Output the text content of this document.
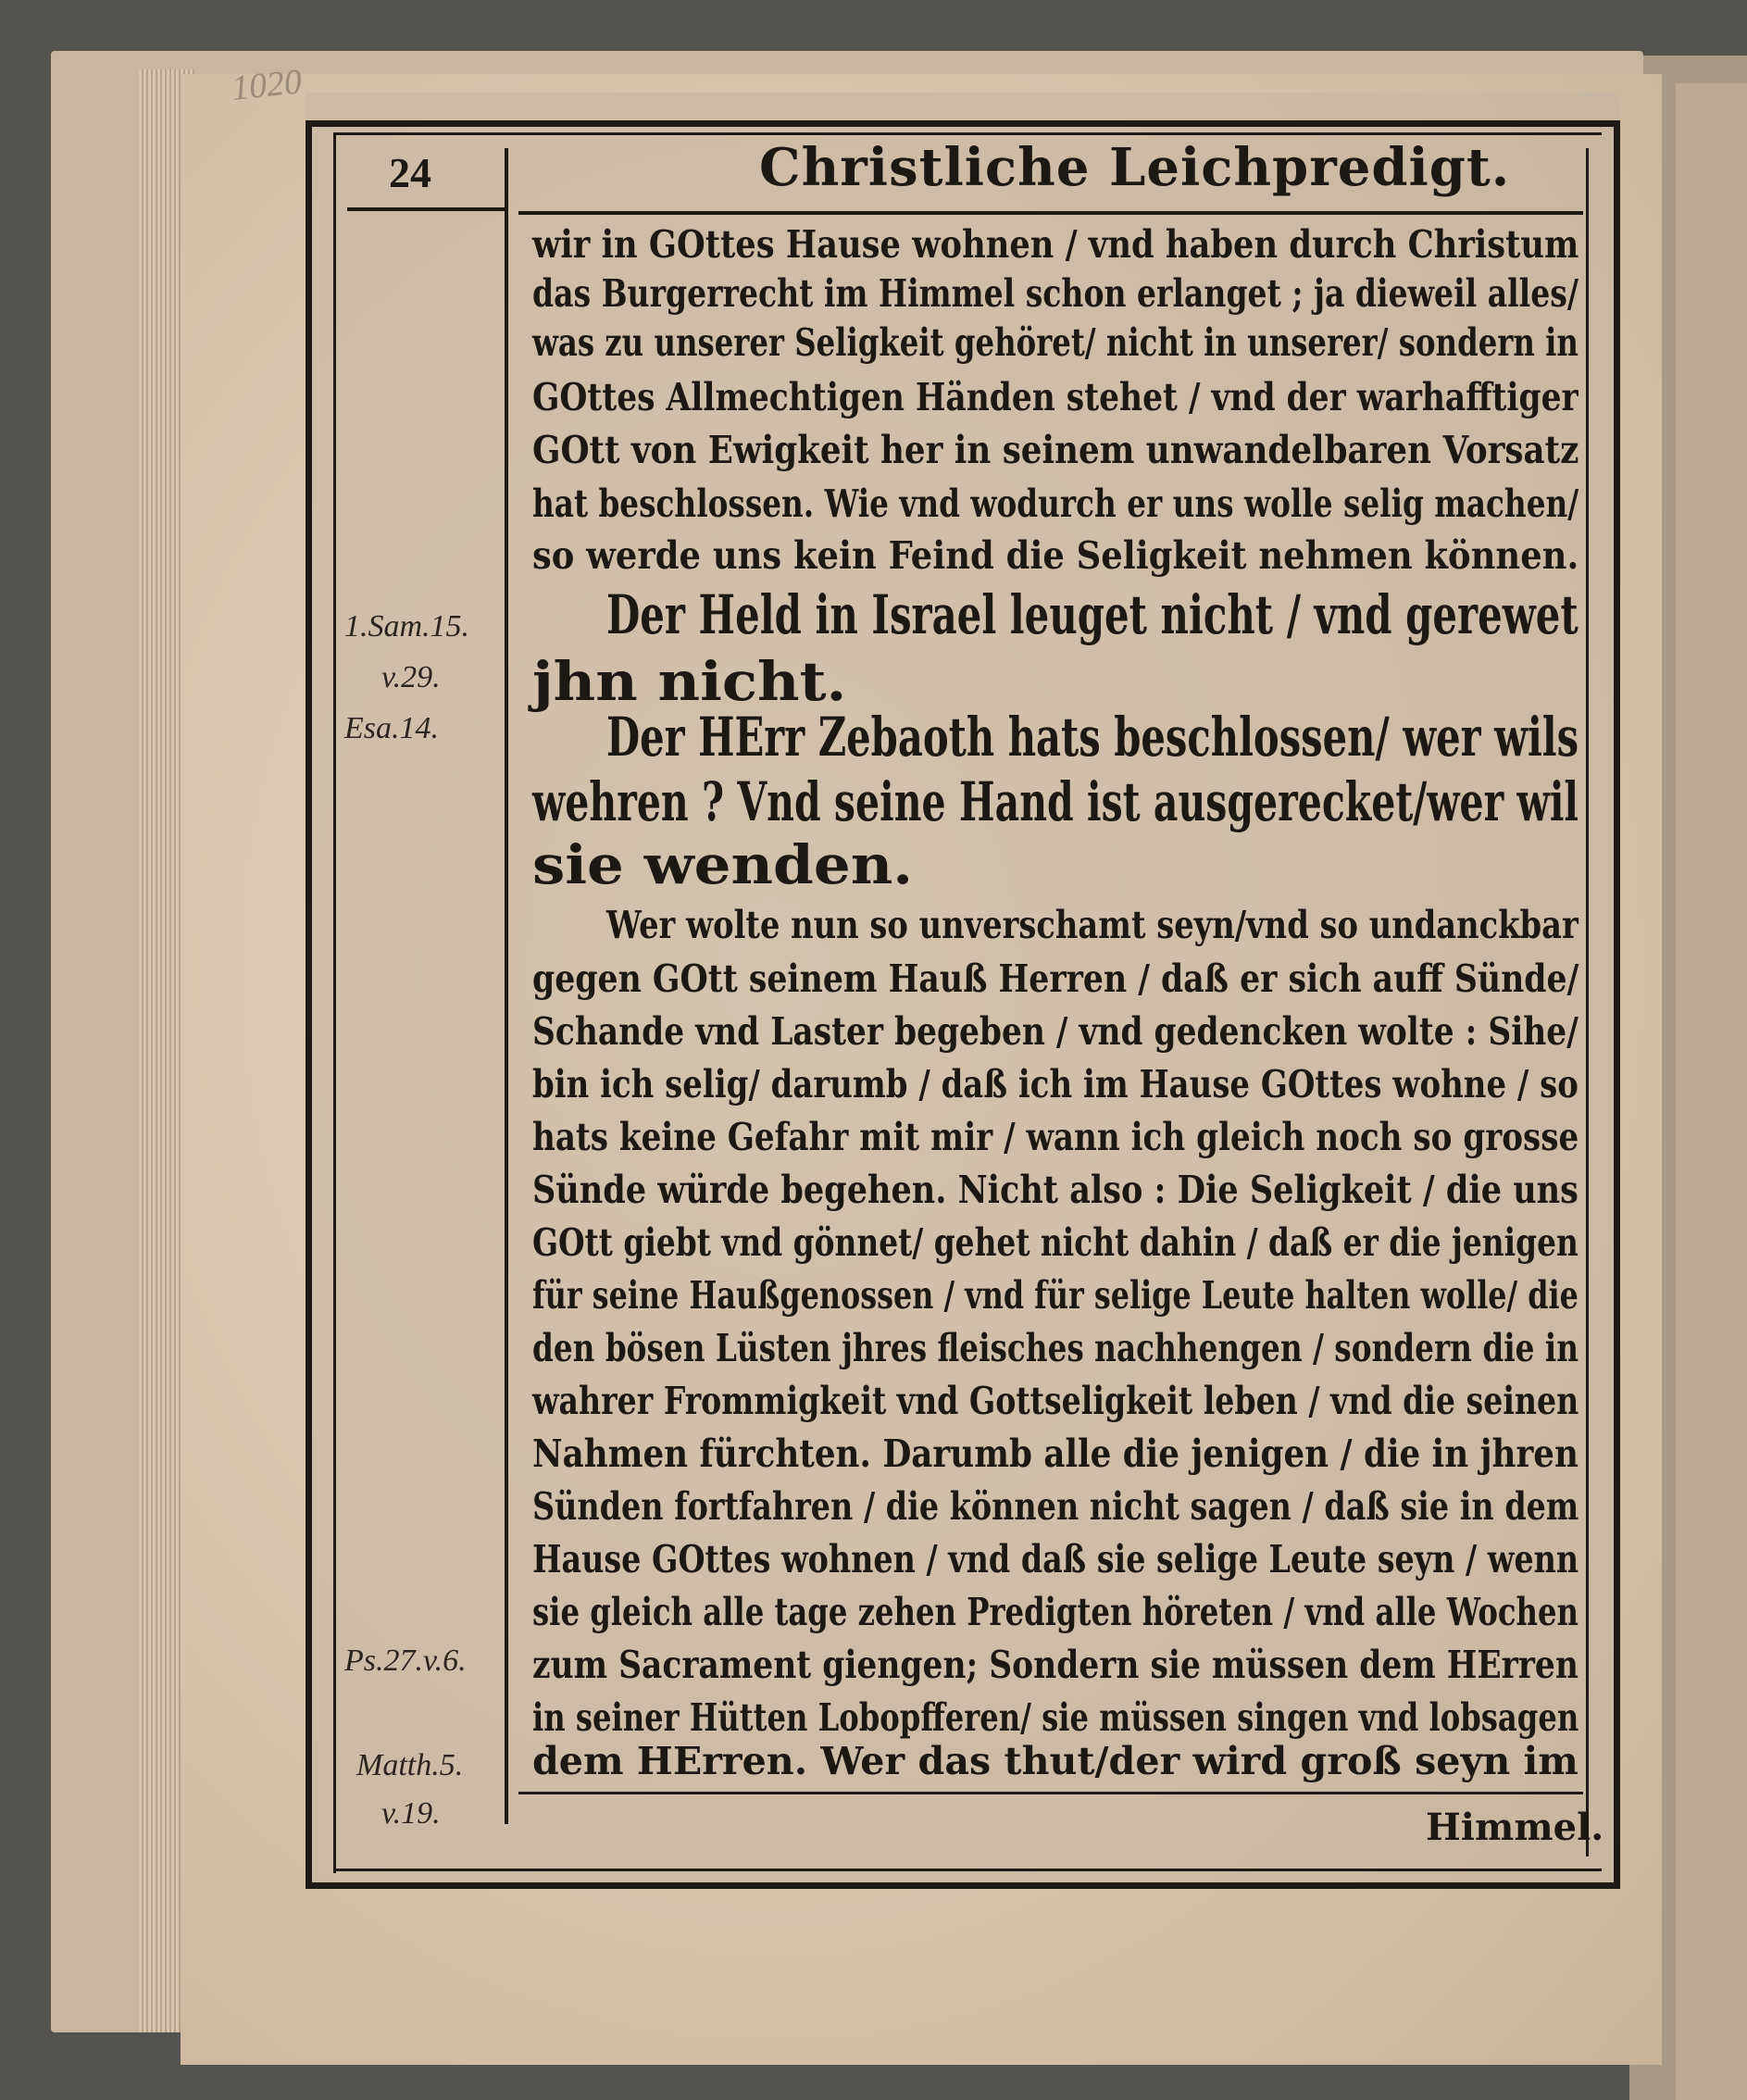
1020
24	Christliche Leichpredigt.

wir in GOttes Hause wohnen / vnd haben durch Christum

das Burgerrecht im Himmel schon erlanget ; ja dieweil alles/

was zu unserer Seligkeit gehöret/ nicht in unserer/ sondern in

GOttes Allmechtigen Händen stehet / vnd der warhafftiger

GOtt von Ewigkeit her in seinem unwandelbaren Vorsatz

hat beschlossen. Wie vnd wodurch er uns wolle selig machen/

so werde uns kein Feind die Seligkeit nehmen können.

Der Held in Israel leuget nicht / vnd gerewet

jhn nicht.

Der HErr Zebaoth hats beschlossen/ wer wils

wehren ? Vnd seine Hand ist ausgerecket/wer wil

sie wenden.

Wer wolte nun so unverschamt seyn/vnd so undanckbar

gegen GOtt seinem Hauß Herren / daß er sich auff Sünde/

Schande vnd Laster begeben / vnd gedencken wolte : Sihe/

bin ich selig/ darumb / daß ich im Hause GOttes wohne / so

hats keine Gefahr mit mir / wann ich gleich noch so grosse

Sünde würde begehen. Nicht also : Die Seligkeit / die uns

GOtt giebt vnd gönnet/ gehet nicht dahin / daß er die jenigen

für seine Haußgenossen / vnd für selige Leute halten wolle/ die

den bösen Lüsten jhres fleisches nachhengen / sondern die in

wahrer Frommigkeit vnd Gottseligkeit leben / vnd die seinen

Nahmen fürchten. Darumb alle die jenigen / die in jhren

Sünden fortfahren / die können nicht sagen / daß sie in dem

Hause GOttes wohnen / vnd daß sie selige Leute seyn / wenn

sie gleich alle tage zehen Predigten höreten / vnd alle Wochen

zum Sacrament giengen; Sondern sie müssen dem HErren

in seiner Hütten Lobopfferen/ sie müssen singen vnd lobsagen

dem HErren. Wer das thut/der wird groß seyn im

Himmel.
1.Sam.15.
v.29.
Esa.14.
Ps.27.v.6.
Matth.5.
v.19.
